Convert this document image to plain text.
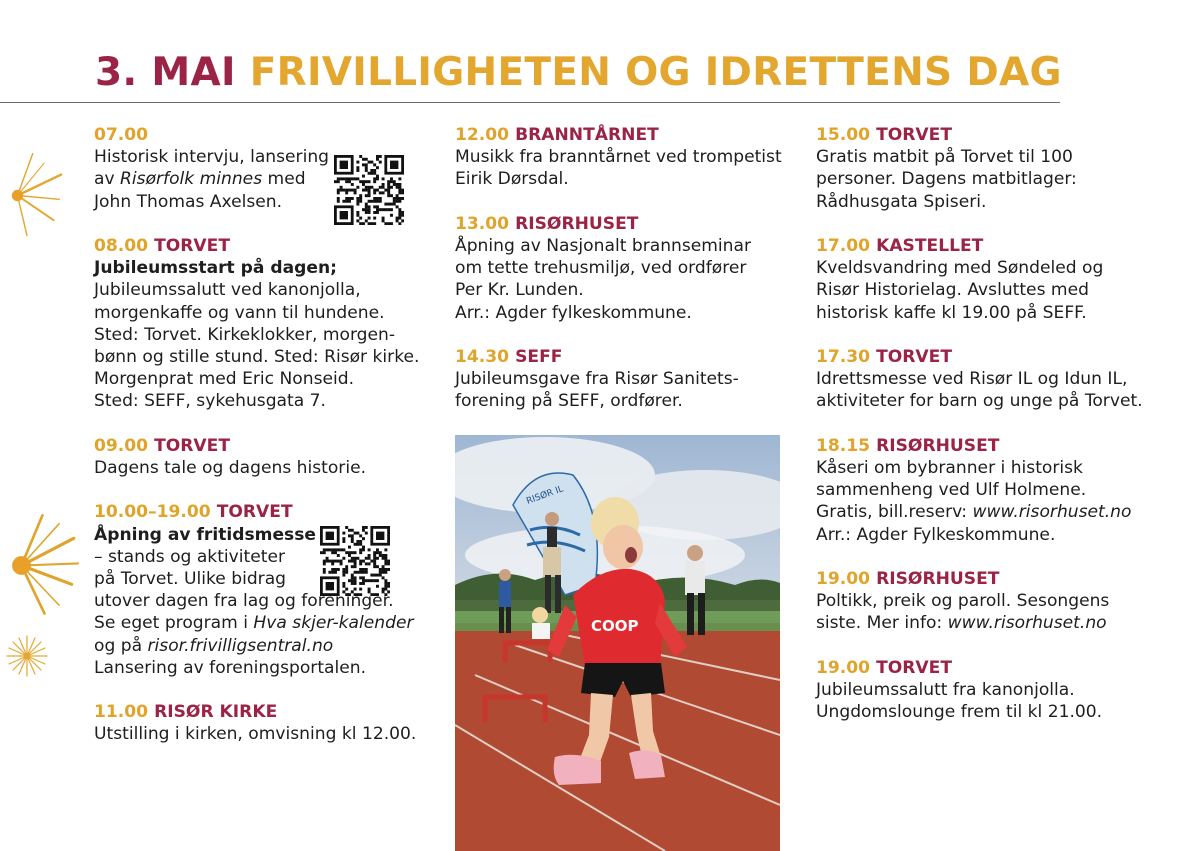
3. MAI FRIVILLIGHETEN OG IDRETTENS DAG
07.00
Historisk intervju, lansering
av Risørfolk minnes med
John Thomas Axelsen.
08.00 TORVET
Jubileumsstart på dagen;
Jubileumssalutt ved kanonjolla,
morgenkaffe og vann til hundene.
Sted: Torvet. Kirkeklokker, morgen-
bønn og stille stund. Sted: Risør kirke.
Morgenprat med Eric Nonseid.
Sted: SEFF, sykehusgata 7.
09.00 TORVET
Dagens tale og dagens historie.
10.00–19.00 TORVET
Åpning av fritidsmesse
– stands og aktiviteter
på Torvet. Ulike bidrag
utover dagen fra lag og foreninger.
Se eget program i Hva skjer-kalender
og på risor.frivilligsentral.no
Lansering av foreningsportalen.
11.00 RISØR KIRKE
Utstilling i kirken, omvisning kl 12.00.
12.00 BRANNTÅRNET
Musikk fra branntårnet ved trompetist
Eirik Dørsdal.
13.00 RISØRHUSET
Åpning av Nasjonalt brannseminar
om tette trehusmiljø, ved ordfører
Per Kr. Lunden.
Arr.: Agder fylkeskommune.
14.30 SEFF
Jubileumsgave fra Risør Sanitets-
forening på SEFF, ordfører.
RISØR IL
COOP
15.00 TORVET
Gratis matbit på Torvet til 100
personer. Dagens matbitlager:
Rådhusgata Spiseri.
17.00 KASTELLET
Kveldsvandring med Søndeled og
Risør Historielag. Avsluttes med
historisk kaffe kl 19.00 på SEFF.
17.30 TORVET
Idrettsmesse ved Risør IL og Idun IL,
aktiviteter for barn og unge på Torvet.
18.15 RISØRHUSET
Kåseri om bybranner i historisk
sammenheng ved Ulf Holmene.
Gratis, bill.reserv: www.risorhuset.no
Arr.: Agder Fylkeskommune.
19.00 RISØRHUSET
Poltikk, preik og paroll. Sesongens
siste. Mer info: www.risorhuset.no
19.00 TORVET
Jubileumssalutt fra kanonjolla.
Ungdomslounge frem til kl 21.00.
